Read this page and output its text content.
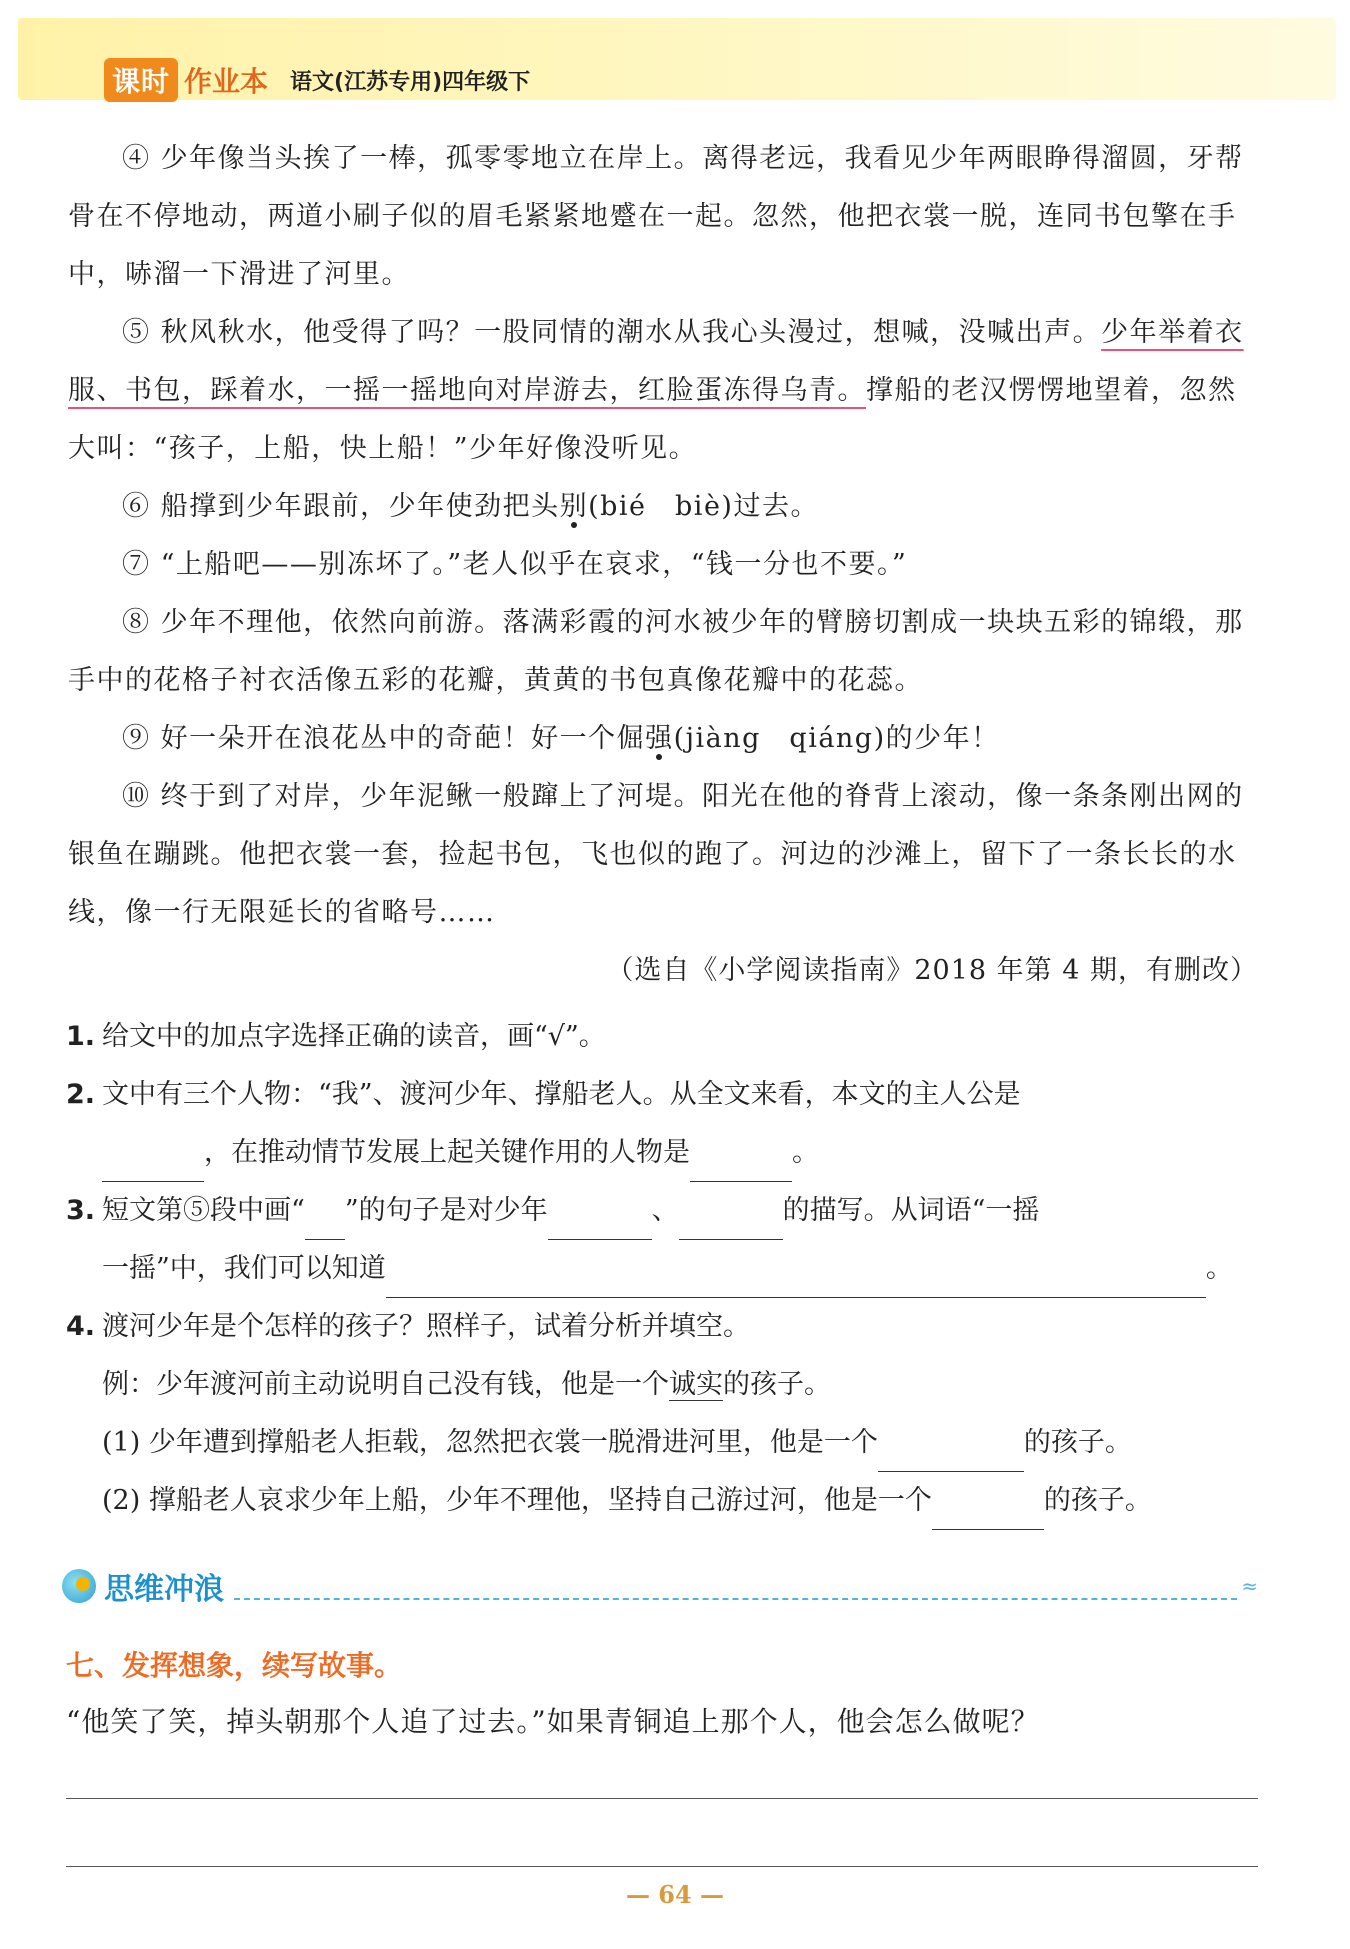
课时 作业本 语文(江苏专用)四年级下

④ 少年像当头挨了一棒，孤零零地立在岸上。离得老远，我看见少年两眼睁得溜圆，牙帮骨在不停地动，两道小刷子似的眉毛紧紧地蹙在一起。忽然，他把衣裳一脱，连同书包擎在手中，哧溜一下滑进了河里。

⑤ 秋风秋水，他受得了吗？一股同情的潮水从我心头漫过，想喊，没喊出声。少年举着衣服、书包，踩着水，一摇一摇地向对岸游去，红脸蛋冻得乌青。撑船的老汉愣愣地望着，忽然大叫：“孩子，上船，快上船！”少年好像没听见。

⑥ 船撑到少年跟前，少年使劲把头别(bié　biè)过去。

⑦ “上船吧——别冻坏了。”老人似乎在哀求，“钱一分也不要。”

⑧ 少年不理他，依然向前游。落满彩霞的河水被少年的臂膀切割成一块块五彩的锦缎，那手中的花格子衬衣活像五彩的花瓣，黄黄的书包真像花瓣中的花蕊。

⑨ 好一朵开在浪花丛中的奇葩！好一个倔强(jiàng　qiáng)的少年！

⑩ 终于到了对岸，少年泥鳅一般蹿上了河堤。阳光在他的脊背上滚动，像一条条刚出网的银鱼在蹦跳。他把衣裳一套，捡起书包，飞也似的跑了。河边的沙滩上，留下了一条长长的水线，像一行无限延长的省略号……

（选自《小学阅读指南》2018 年第 4 期，有删改）

1. 给文中的加点字选择正确的读音，画“√”。

2. 文中有三个人物：“我”、渡河少年、撑船老人。从全文来看，本文的主人公是

，在推动情节发展上起关键作用的人物是	。

3. 短文第⑤段中画“ ”的句子是对少年	、	的描写。从词语“一摇

一摇”中，我们可以知道	。

4. 渡河少年是个怎样的孩子？照样子，试着分析并填空。

例：少年渡河前主动说明自己没有钱，他是一个诚实的孩子。

(1) 少年遭到撑船老人拒载，忽然把衣裳一脱滑进河里，他是一个	的孩子。

(2) 撑船老人哀求少年上船，少年不理他，坚持自己游过河，他是一个	的孩子。

思维冲浪	≈

七、发挥想象，续写故事。

“他笑了笑，掉头朝那个人追了过去。”如果青铜追上那个人，他会怎么做呢？

— 64 —
